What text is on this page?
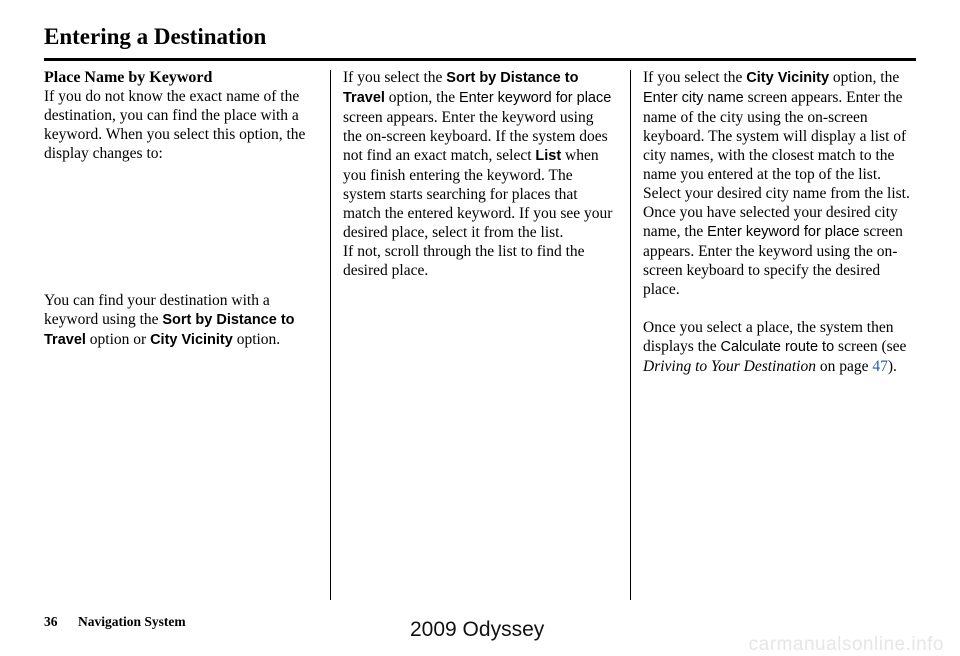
Entering a Destination

Place Name by Keyword

If you do not know the exact name of the destination, you can find the place with a keyword. When you select this option, the display changes to:

You can find your destination with a keyword using the Sort by Distance to Travel option or City Vicinity option.

If you select the Sort by Distance to Travel option, the Enter keyword for place screen appears. Enter the keyword using the on-screen keyboard. If the system does not find an exact match, select List when you finish entering the keyword. The system starts searching for places that match the entered keyword. If you see your desired place, select it from the list.

If not, scroll through the list to find the desired place.

If you select the City Vicinity option, the Enter city name screen appears. Enter the name of the city using the on-screen keyboard. The system will display a list of city names, with the closest match to the name you entered at the top of the list. Select your desired city name from the list. Once you have selected your desired city name, the Enter keyword for place screen appears. Enter the keyword using the on-screen keyboard to specify the desired place.

Once you select a place, the system then displays the Calculate route to screen (see Driving to Your Destination on page 47).

36 Navigation System	2009 Odyssey
carmanualsonline.info
